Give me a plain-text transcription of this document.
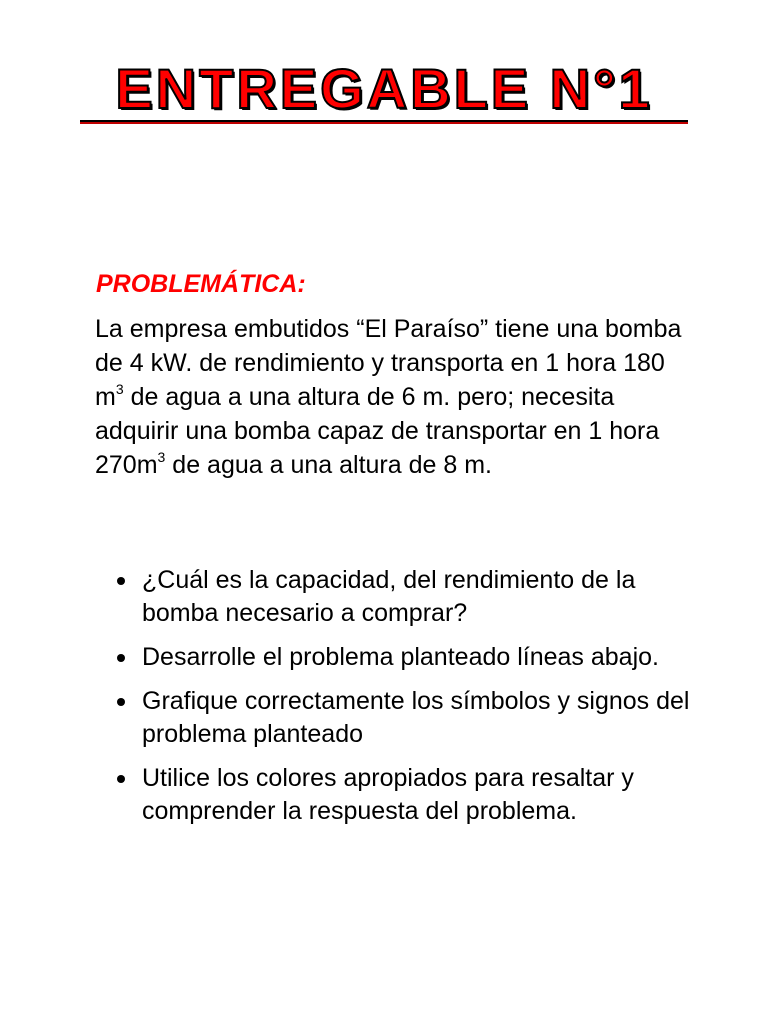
ENTREGABLE N°1
PROBLEMÁTICA:

La empresa embutidos “El Paraíso” tiene una bomba de 4 kW. de rendimiento y transporta en 1 hora 180 $m^3$ de agua a una altura de 6 m. pero; necesita adquirir una bomba capaz de transportar en 1 hora $270m^3$ de agua a una altura de 8 m.

¿Cuál es la capacidad, del rendimiento de la bomba necesario a comprar?
Desarrolle el problema planteado líneas abajo.
Grafique correctamente los símbolos y signos del problema planteado
Utilice los colores apropiados para resaltar y comprender la respuesta del problema.
